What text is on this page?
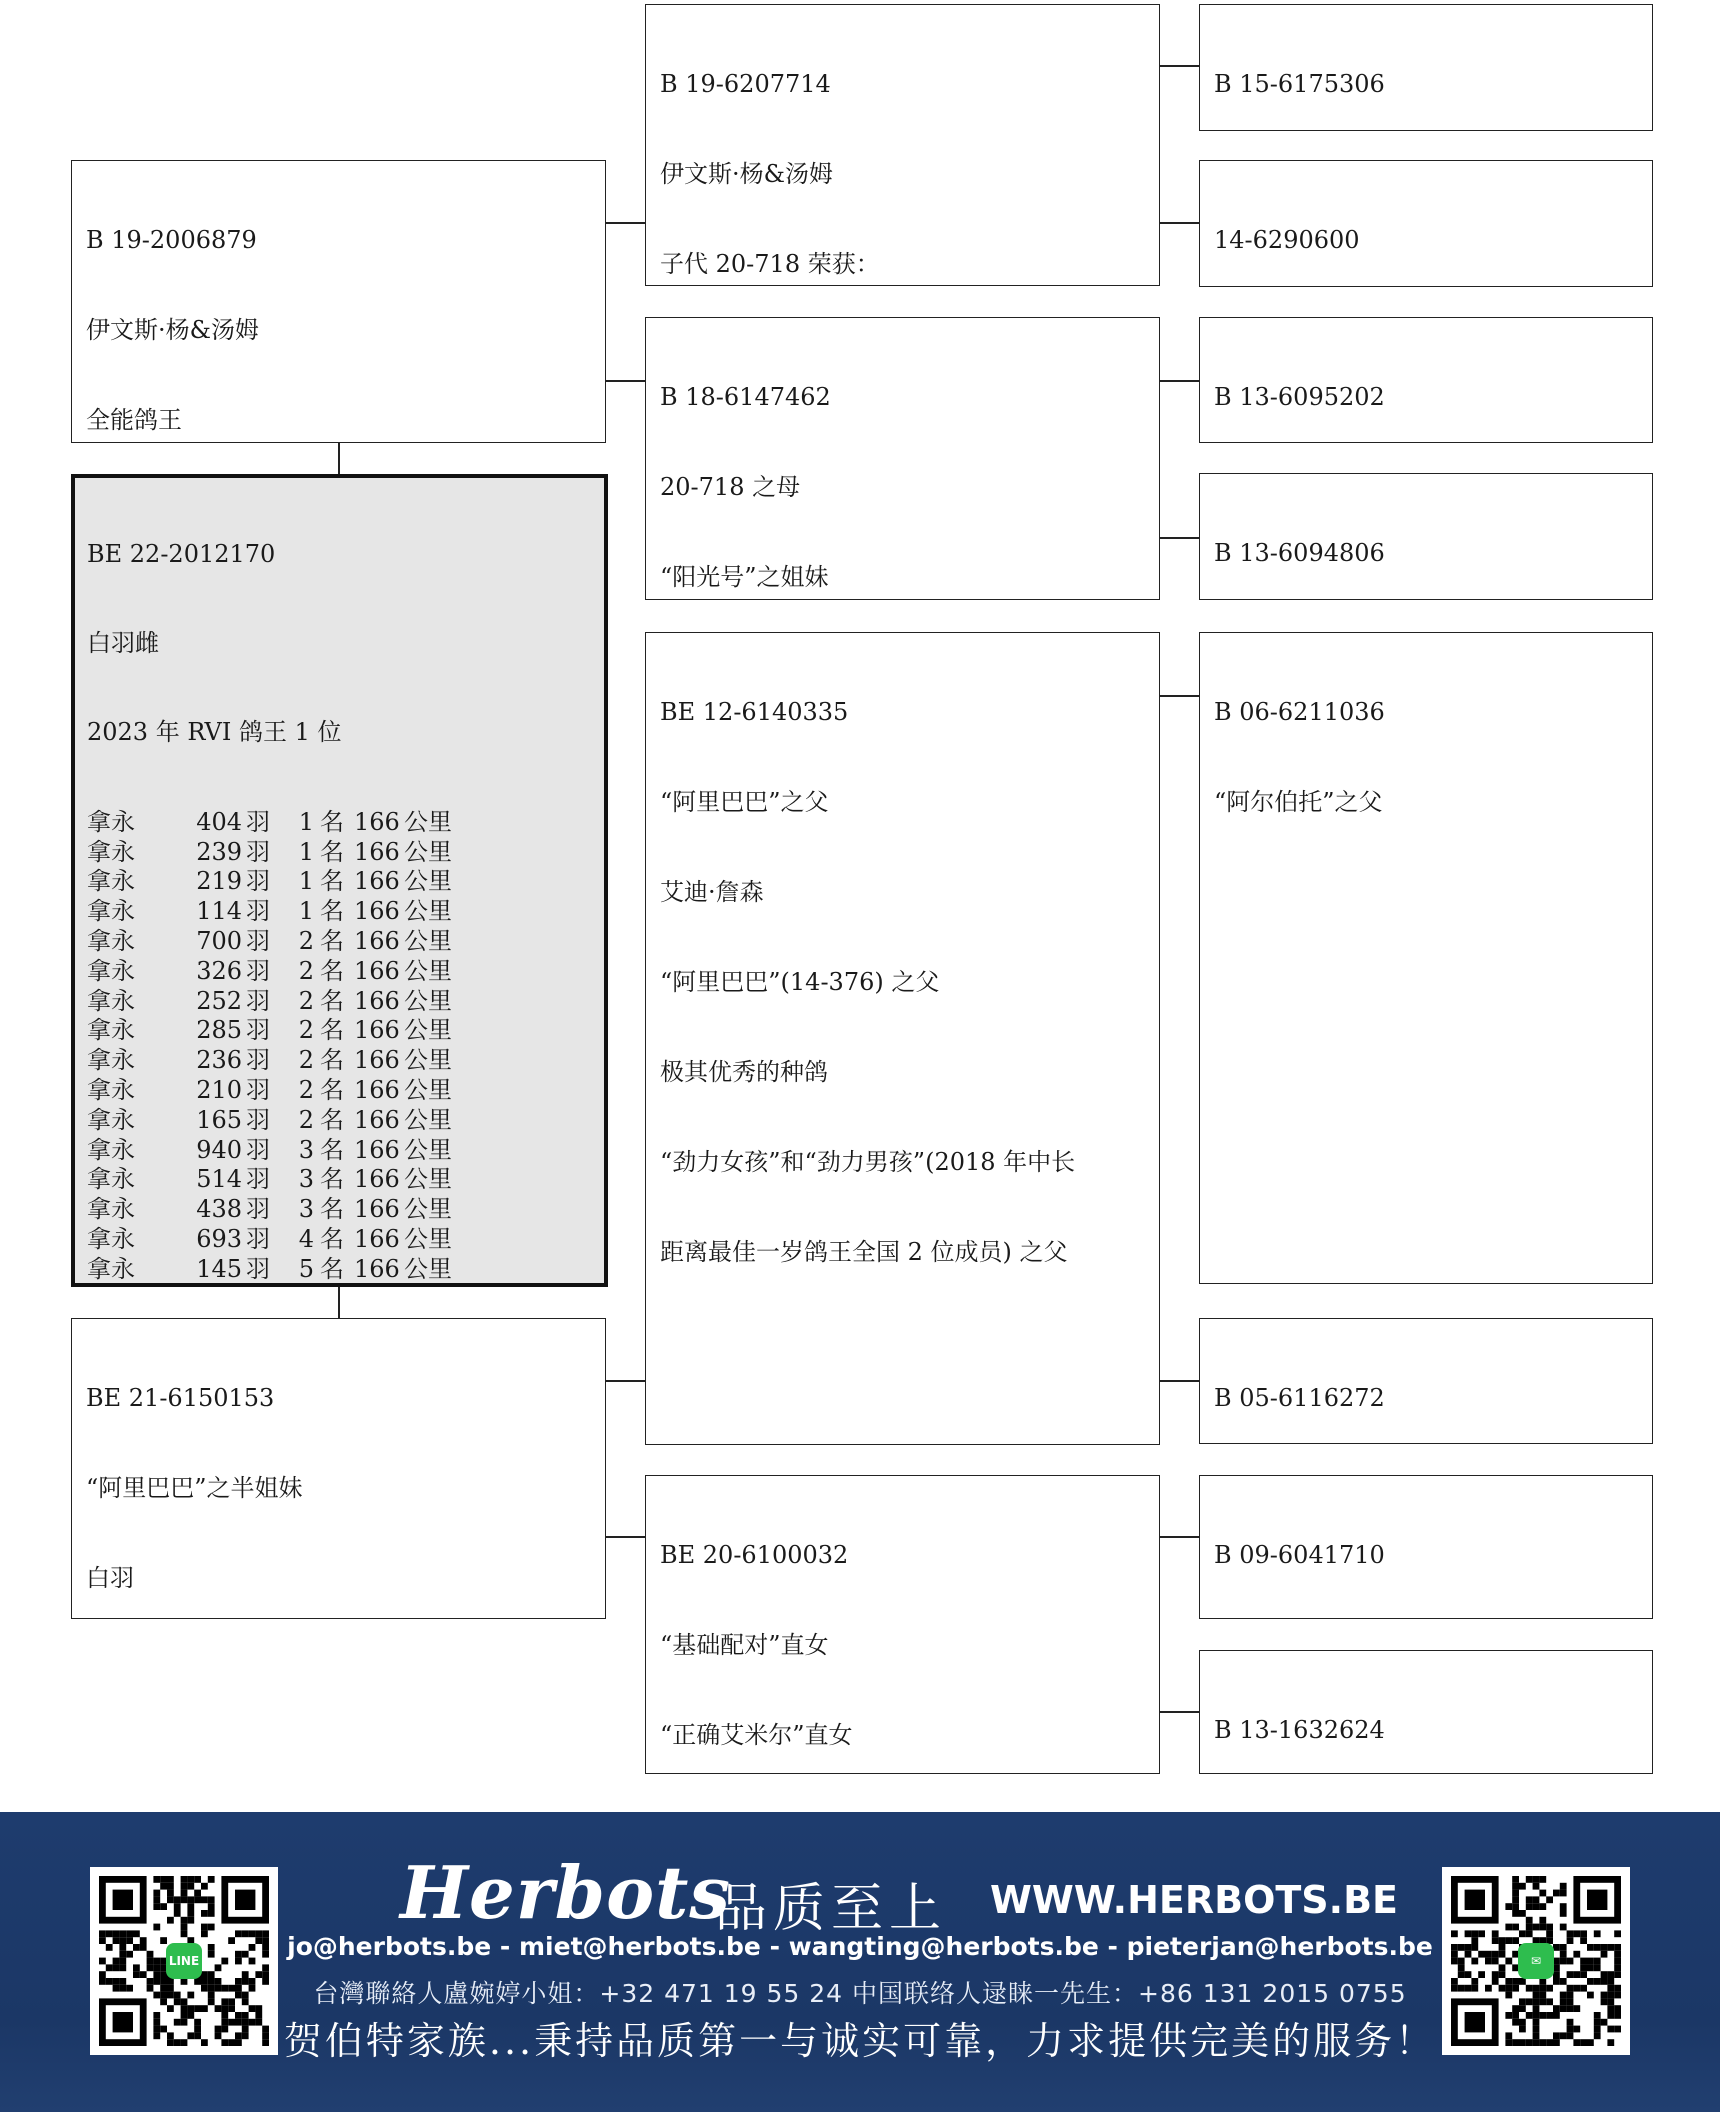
BE 22-2012170

白羽雌

2023 年 RVI 鸽王 1 位

拿永	404 羽	1 名 166 公里
拿永	239 羽	1 名 166 公里
拿永	219 羽	1 名 166 公里
拿永	114 羽	1 名 166 公里
拿永	700 羽	2 名 166 公里
拿永	326 羽	2 名 166 公里
拿永	252 羽	2 名 166 公里
拿永	285 羽	2 名 166 公里
拿永	236 羽	2 名 166 公里
拿永	210 羽	2 名 166 公里
拿永	165 羽	2 名 166 公里
拿永	940 羽	3 名 166 公里
拿永	514 羽	3 名 166 公里
拿永	438 羽	3 名 166 公里
拿永	693 羽	4 名 166 公里
拿永	145 羽	5 名 166 公里

B 19-2006879

伊文斯·杨&汤姆

全能鸽王

BE 21-6150153

“阿里巴巴”之半姐妹

白羽

B 19-6207714

伊文斯·杨&汤姆

子代 20-718 荣获：

B 18-6147462

20-718 之母

“阳光号”之姐妹

BE 12-6140335

“阿里巴巴”之父

艾迪·詹森

“阿里巴巴”(14-376) 之父

极其优秀的种鸽

“劲力女孩”和“劲力男孩”(2018 年中长

距离最佳一岁鸽王全国 2 位成员) 之父

BE 20-6100032

“基础配对”直女

“正确艾米尔”直女

B 15-6175306

14-6290600

B 13-6095202

B 13-6094806

B 06-6211036

“阿尔伯托”之父

B 05-6116272

B 09-6041710

B 13-1632624

LINE	✉
Herbots
品质至上 WWW.HERBOTS.BE
jo@herbots.be - miet@herbots.be - wangting@herbots.be - pieterjan@herbots.be
台灣聯絡人盧婉婷小姐：+32 471 19 55 24 中国联络人逯睐一先生：+86 131 2015 0755
贺伯特家族...秉持品质第一与诚实可靠，力求提供完美的服务！
